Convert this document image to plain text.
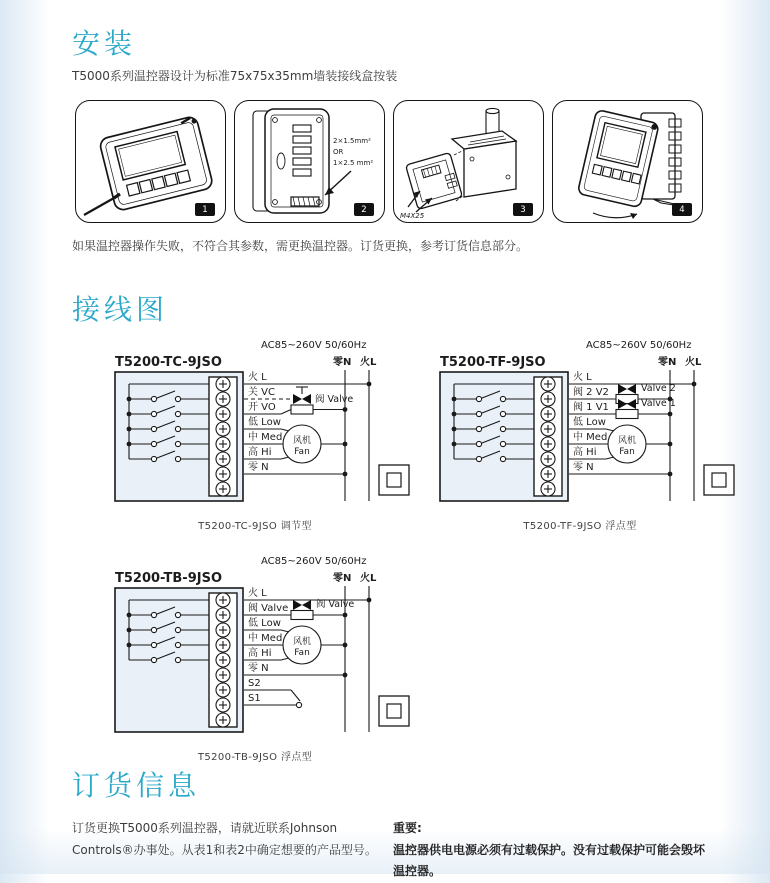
安装
T5000系列温控器设计为标准75x75x35mm墙装接线盒按装
1
2×1.5mm²
OR
1×2.5 mm²
2
M4X25
3	4
如果温控器操作失败，不符合其参数，需更换温控器。订货更换，参考订货信息部分。
接线图
AC85~260V 50/60Hz
零N 火L
T5200-TC-9JSO
火 L
关 VC
阀 Valve
开 VO
低 Low
中 Med
高 Hi
零 N
风机
Fan
T5200-TC-9JSO 调节型
AC85~260V 50/60Hz
零N 火L
T5200-TF-9JSO
火 L
阀 2 V2	Valve 2
阀 1 V1	Valve 1
低 Low
中 Med
高 Hi
零 N
风机
Fan
T5200-TF-9JSO 浮点型
AC85~260V 50/60Hz
零N 火L
T5200-TB-9JSO
火 L
阀 Valve	阀 Valve
低 Low
中 Med
高 Hi
零 N
S2
S1
风机
Fan
T5200-TB-9JSO 浮点型
订货信息
订货更换T5000系列温控器，请就近联系Johnson Controls®办事处。从表1和表2中确定想要的产品型号。
重要:
温控器供电电源必须有过载保护。没有过载保护可能会毁坏温控器。
